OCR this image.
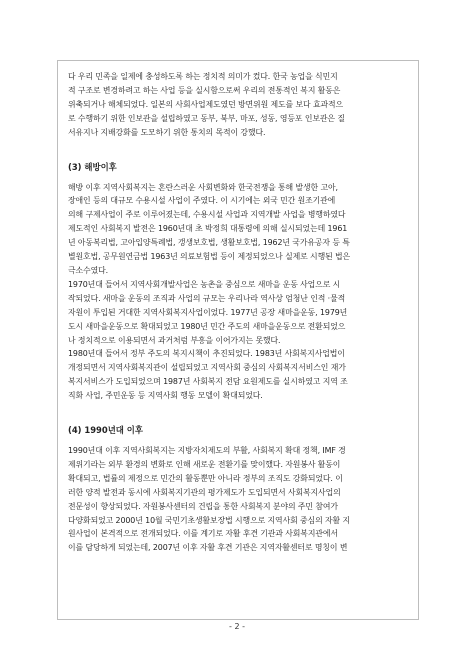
다 우리 민족을 일제에 충성하도록 하는 정치적 의미가 컸다. 한국 농업을 식민지
적 구조로 변경하려고 하는 사업 등을 실시함으로써 우리의 전통적인 복지 활동은
위축되거나 해체되었다. 일본의 사회사업제도였던 방면위원 제도를 보다 효과적으
로 수행하기 위한 인보관을 설립하였고 동부, 북부, 마포, 성동, 영등포 인보관은 질
서유지나 지배강화를 도모하기 위한 통치의 목적이 강했다.
(3) 해방이후
해방 이후 지역사회복지는 혼란스러운 사회변화와 한국전쟁을 통해 발생한 고아,
장애인 등의 대규모 수용시설 사업이 주였다. 이 시기에는 외국 민간 원조기관에
의해 구제사업이 주로 이루어졌는데, 수용시설 사업과 지역개발 사업을 병행하였다
제도적인 사회복지 발전은 1960년대 초 박정희 대통령에 의해 실시되었는데 1961
년 아동복리법, 고아입양특례법, 갱생보호법, 생활보호법, 1962년 국가유공자 등 특
별원호법, 공무원연금법 1963년 의료보험법 등이 제정되었으나 실제로 시행된 법은
극소수였다.
1970년대 들어서 지역사회개발사업은 농촌을 중심으로 새마을 운동 사업으로 시
작되었다. 새마을 운동의 조직과 사업의 규모는 우리나라 역사상 엄청난 인적 ·물적
자원이 투입된 거대한 지역사회복지사업이었다. 1977년 공장 새마을운동, 1979년
도시 새마을운동으로 확대되었고 1980년 민간 주도의 새마을운동으로 전환되었으
나 정치적으로 이용되면서 과거처럼 부흥을 이어가지는 못했다.
1980년대 들어서 정부 주도의 복지시책이 추진되었다. 1983년 사회복지사업법이
개정되면서 지역사회복지관이 설립되었고 지역사회 중심의 사회복지서비스인 재가
복지서비스가 도입되었으며 1987년 사회복지 전담 요원제도를 실시하였고 지역 조
직화 사업, 주민운동 등 지역사회 행동 모델이 확대되었다.
(4) 1990년대 이후
1990년대 이후 지역사회복지는 지방자치제도의 부활, 사회복지 확대 정책, IMF 경
제위기라는 외부 환경의 변화로 인해 새로운 전환기를 맞이했다. 자원봉사 활동이
확대되고, 법률의 제정으로 민간의 활동뿐만 아니라 정부의 조직도 강화되었다. 이
러한 양적 발전과 동시에 사회복지기관의 평가제도가 도입되면서 사회복지사업의
전문성이 향상되었다. 자원봉사센터의 건립을 통한 사회복지 분야의 주민 참여가
다양화되었고 2000년 10월 국민기초생활보장법 시행으로 지역사회 중심의 자활 지
원사업이 본격적으로 전개되었다. 이를 계기로 자활 후견 기관과 사회복지관에서
이를 담당하게 되었는데, 2007년 이후 자활 후견 기관은 지역자활센터로 명칭이 변
- 2 -
